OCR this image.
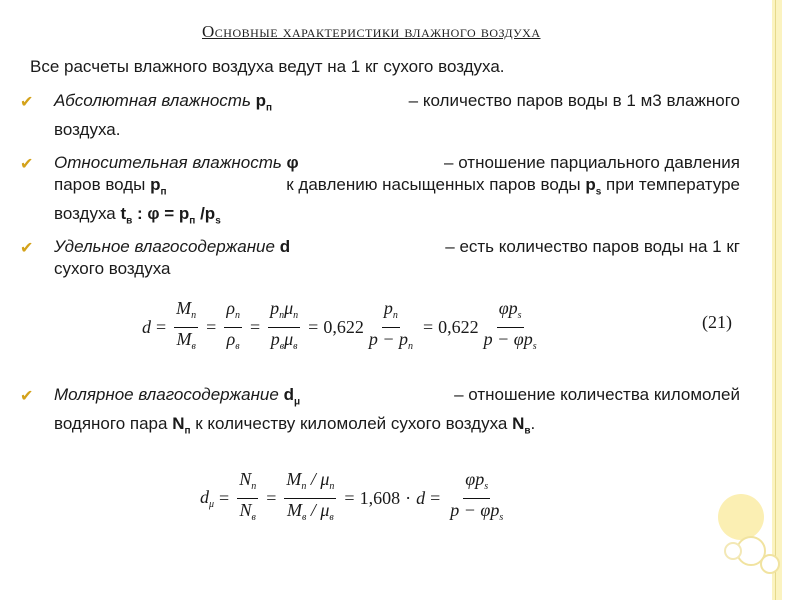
Основные характеристики влажного воздуха
Все расчеты влажного воздуха ведут на 1 кг сухого воздуха.
✔ Абсолютная влажность $р_п$	– количество паров воды в 1 м3 влажного

воздуха.

✔ Относительная влажность φ	– отношение парциального давления

паров воды $р_п$	к давлению насыщенных паров воды $р_s$ при температуре

воздуха $t_в$ : $\varphi = р_п$ $/р_s$

✔ Удельное влагосодержание d	– есть количество паров воды на 1 кг

сухого воздуха

$d = \frac{M_п}{M_в} = \frac{\rho_п}{\rho_в} = \frac{p_п\mu_п}{p_в\mu_в} = 0,622 \frac{p_п}{p - p_п} = 0,622 \frac{\varphi p_s}{p - \varphi p_s}$	(21)
✔ Молярное влагосодержание $d_\mu$	– отношение количества киломолей

водяного пара $N_п$ к количеству киломолей сухого воздуха $N_в$.

$d_\mu = \frac{N_п}{N_в} = \frac{M_п / \mu_п}{M_в / \mu_в} = 1,608 \cdot d = \frac{\varphi p_s}{p - \varphi p_s}$
